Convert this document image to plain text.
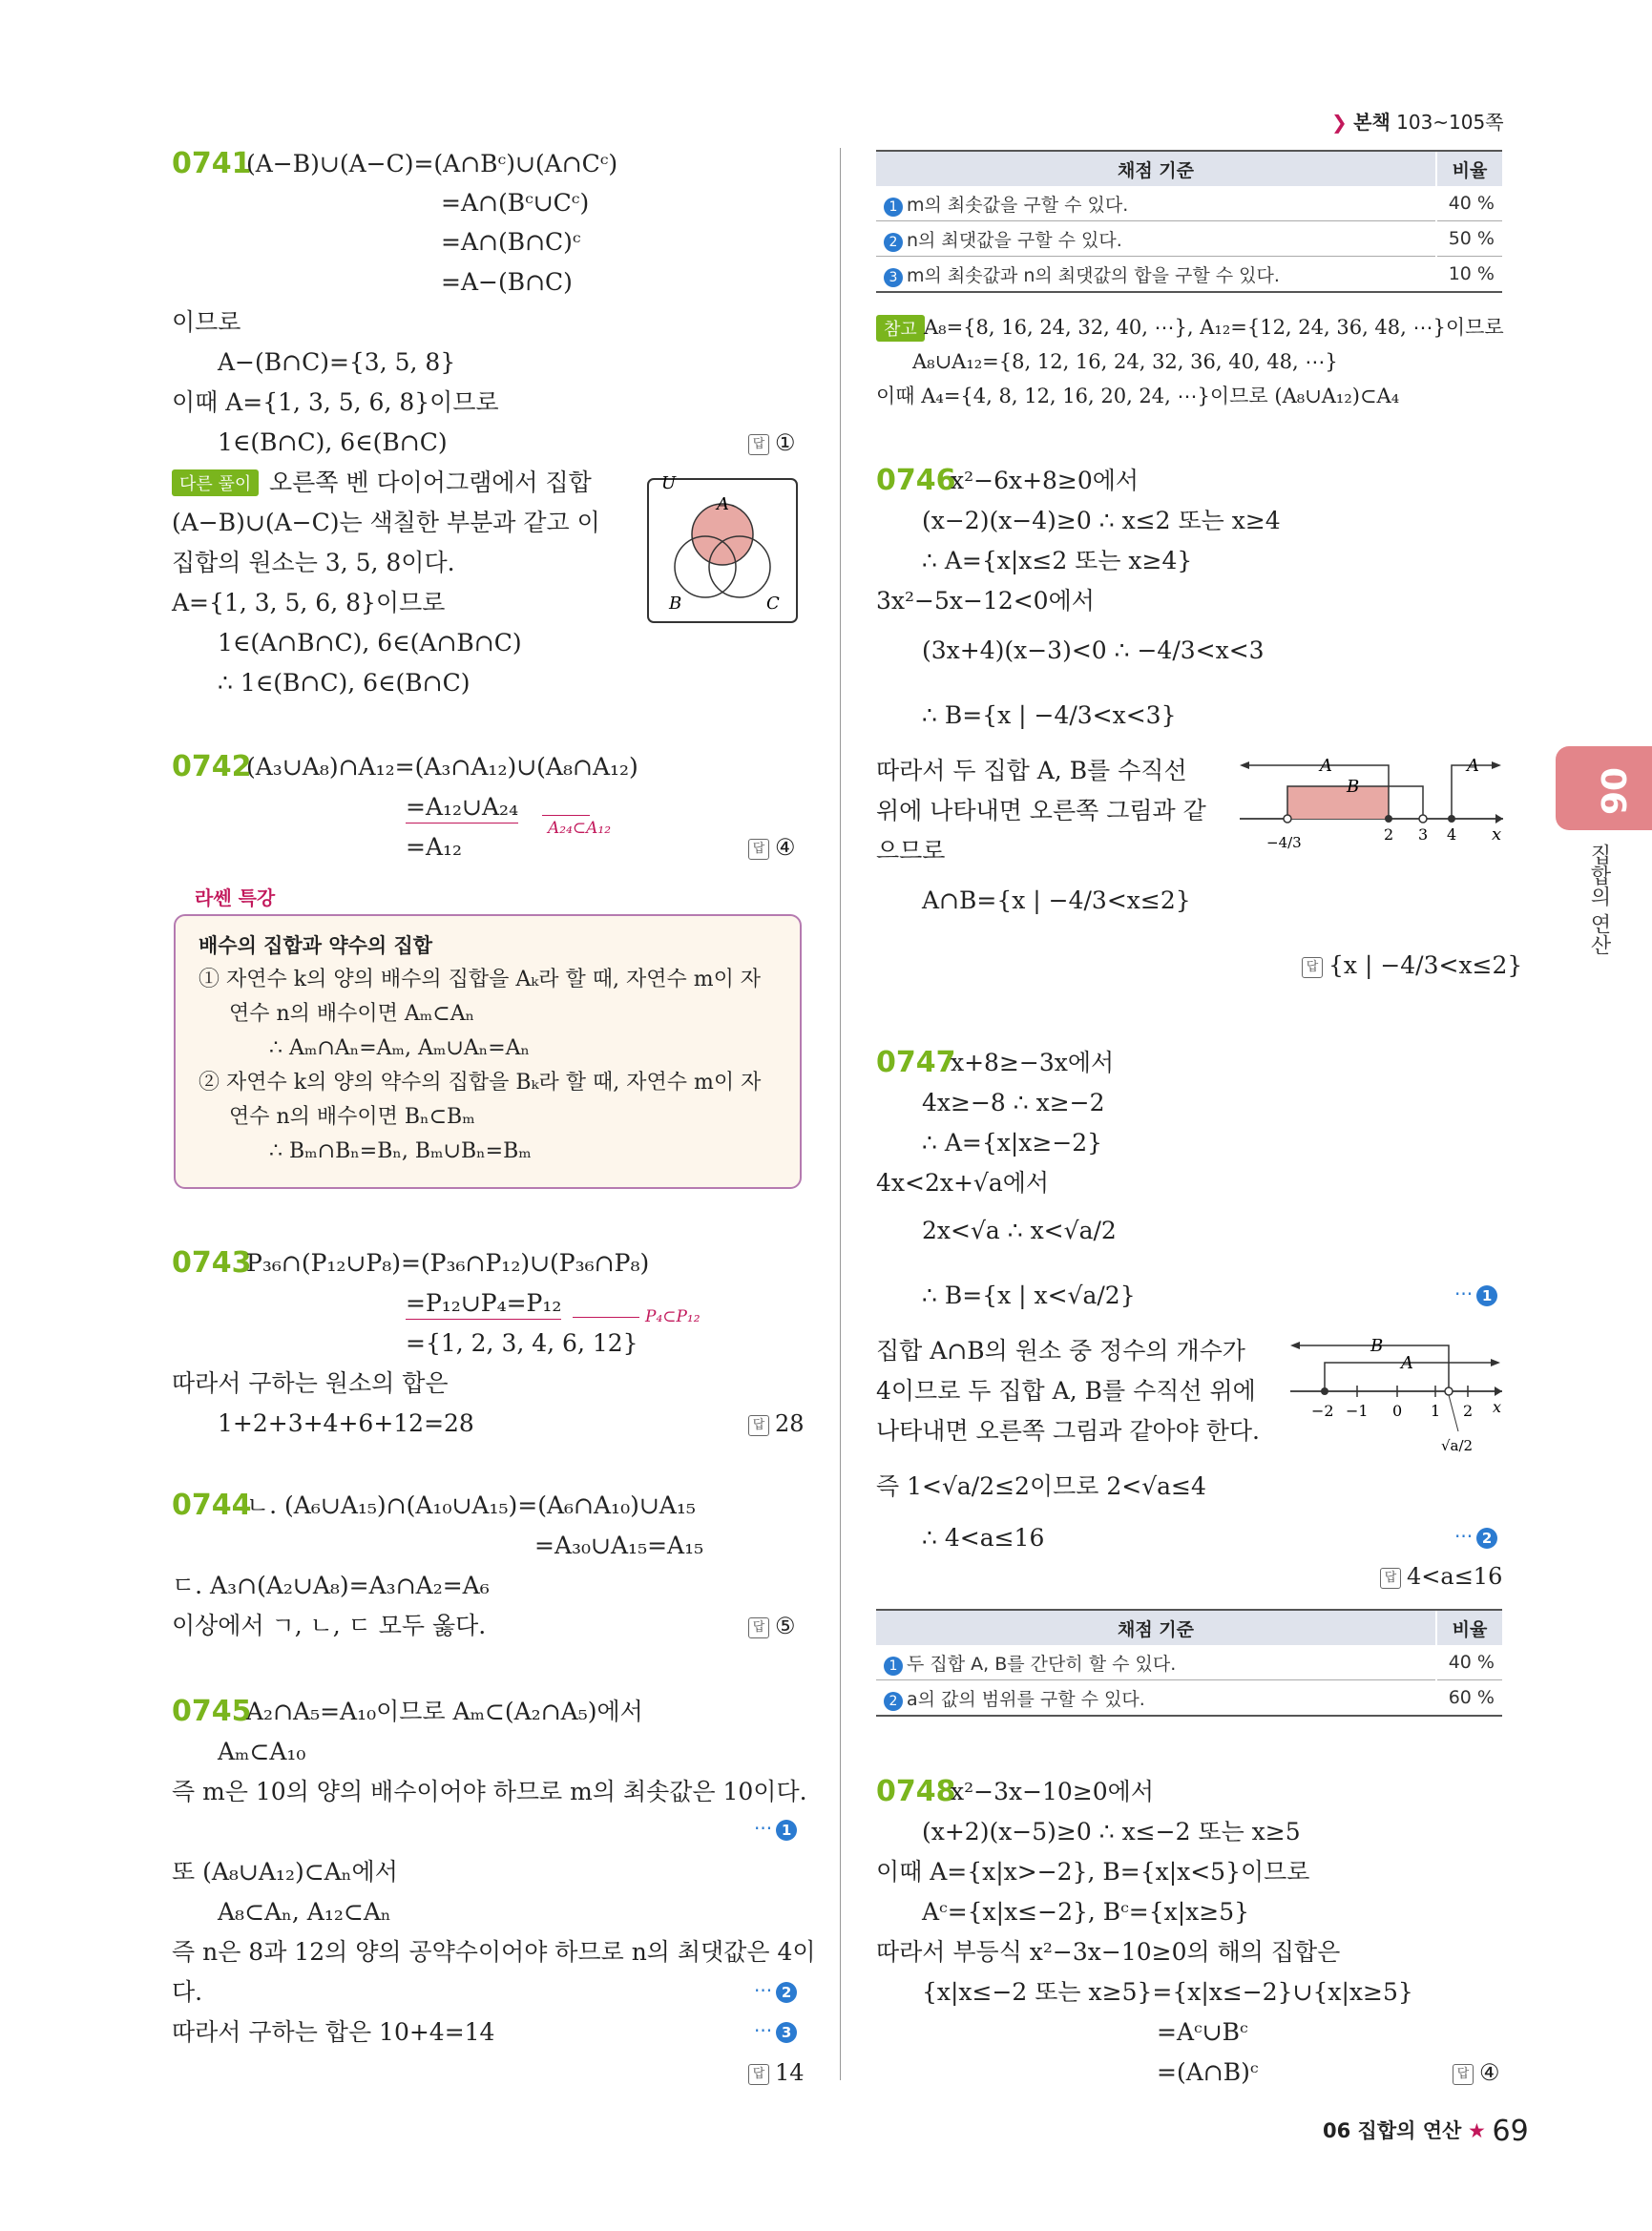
❯ 본책 103~105쪽
06
집합의 연산
0741
(A−B)∪(A−C)=(A∩Bᶜ)∪(A∩Cᶜ)
=A∩(Bᶜ∪Cᶜ)
=A∩(B∩C)ᶜ
=A−(B∩C)
이므로
A−(B∩C)={3, 5, 8}
이때 A={1, 3, 5, 6, 8}이므로
1∈(B∩C), 6∈(B∩C)	답 ①
다른 풀이 오른쪽 벤 다이어그램에서 집합
(A−B)∪(A−C)는 색칠한 부분과 같고 이
집합의 원소는 3, 5, 8이다.
A={1, 3, 5, 6, 8}이므로
1∈(A∩B∩C), 6∈(A∩B∩C)
∴ 1∈(B∩C), 6∈(B∩C)
U
A
B	C
0742
(A₃∪A₈)∩A₁₂=(A₃∩A₁₂)∪(A₈∩A₁₂)
=A₁₂∪A₂₄
A₂₄⊂A₁₂
=A₁₂	답 ④
배수의 집합과 약수의 집합
① 자연수 k의 양의 배수의 집합을 Aₖ라 할 때, 자연수 m이 자
연수 n의 배수이면 Aₘ⊂Aₙ
∴ Aₘ∩Aₙ=Aₘ, Aₘ∪Aₙ=Aₙ
② 자연수 k의 양의 약수의 집합을 Bₖ라 할 때, 자연수 m이 자
연수 n의 배수이면 Bₙ⊂Bₘ
∴ Bₘ∩Bₙ=Bₙ, Bₘ∪Bₙ=Bₘ
라쎈 특강
0743
P₃₆∩(P₁₂∪P₈)=(P₃₆∩P₁₂)∪(P₃₆∩P₈)
=P₁₂∪P₄=P₁₂	P₄⊂P₁₂
={1, 2, 3, 4, 6, 12}
따라서 구하는 원소의 합은
1+2+3+4+6+12=28	답 28
0744
ㄴ. (A₆∪A₁₅)∩(A₁₀∪A₁₅)=(A₆∩A₁₀)∪A₁₅
=A₃₀∪A₁₅=A₁₅
ㄷ. A₃∩(A₂∪A₈)=A₃∩A₂=A₆
이상에서 ㄱ, ㄴ, ㄷ 모두 옳다.	답 ⑤
0745
A₂∩A₅=A₁₀이므로 Aₘ⊂(A₂∩A₅)에서
Aₘ⊂A₁₀
즉 m은 10의 양의 배수이어야 하므로 m의 최솟값은 10이다.
··· 1
또 (A₈∪A₁₂)⊂Aₙ에서
A₈⊂Aₙ, A₁₂⊂Aₙ
즉 n은 8과 12의 양의 공약수이어야 하므로 n의 최댓값은 4이
다.	··· 2
따라서 구하는 합은 10+4=14	··· 3
답 14
채점 기준	비율
1 m의 최솟값을 구할 수 있다.	40 %
2 n의 최댓값을 구할 수 있다.	50 %
3 m의 최솟값과 n의 최댓값의 합을 구할 수 있다.	10 %
참고 A₈={8, 16, 24, 32, 40, ⋯}, A₁₂={12, 24, 36, 48, ⋯}이므로
A₈∪A₁₂={8, 12, 16, 24, 32, 36, 40, 48, ⋯}
이때 A₄={4, 8, 12, 16, 20, 24, ⋯}이므로 (A₈∪A₁₂)⊂A₄
0746
x²−6x+8≥0에서
(x−2)(x−4)≥0 ∴ x≤2 또는 x≥4
∴ A={x|x≤2 또는 x≥4}
3x²−5x−12<0에서
(3x+4)(x−3)<0 ∴ −4/3<x<3
∴ B={x | −4/3<x<3}
따라서 두 집합 A, B를 수직선
위에 나타내면 오른쪽 그림과 같
으므로
A∩B={x | −4/3<x≤2}
답 {x | −4/3<x≤2}
A
B
A
x
−4/3	2 3 4
0747
x+8≥−3x에서
4x≥−8 ∴ x≥−2
∴ A={x|x≥−2}
4x<2x+√a에서
2x<√a ∴ x<√a/2
∴ B={x | x<√a/2}	··· 1
집합 A∩B의 원소 중 정수의 개수가
4이므로 두 집합 A, B를 수직선 위에
나타내면 오른쪽 그림과 같아야 한다.
즉 1<√a/2≤2이므로 2<√a≤4
∴ 4<a≤16	··· 2
답 4<a≤16
B
A
x
−2 −1 0 1 2
√a/2
채점 기준	비율
1 두 집합 A, B를 간단히 할 수 있다.	40 %
2 a의 값의 범위를 구할 수 있다.	60 %
0748
x²−3x−10≥0에서
(x+2)(x−5)≥0 ∴ x≤−2 또는 x≥5
이때 A={x|x>−2}, B={x|x<5}이므로
Aᶜ={x|x≤−2}, Bᶜ={x|x≥5}
따라서 부등식 x²−3x−10≥0의 해의 집합은
{x|x≤−2 또는 x≥5}={x|x≤−2}∪{x|x≥5}
=Aᶜ∪Bᶜ
=(A∩B)ᶜ	답 ④
06 집합의 연산 ★ 69
